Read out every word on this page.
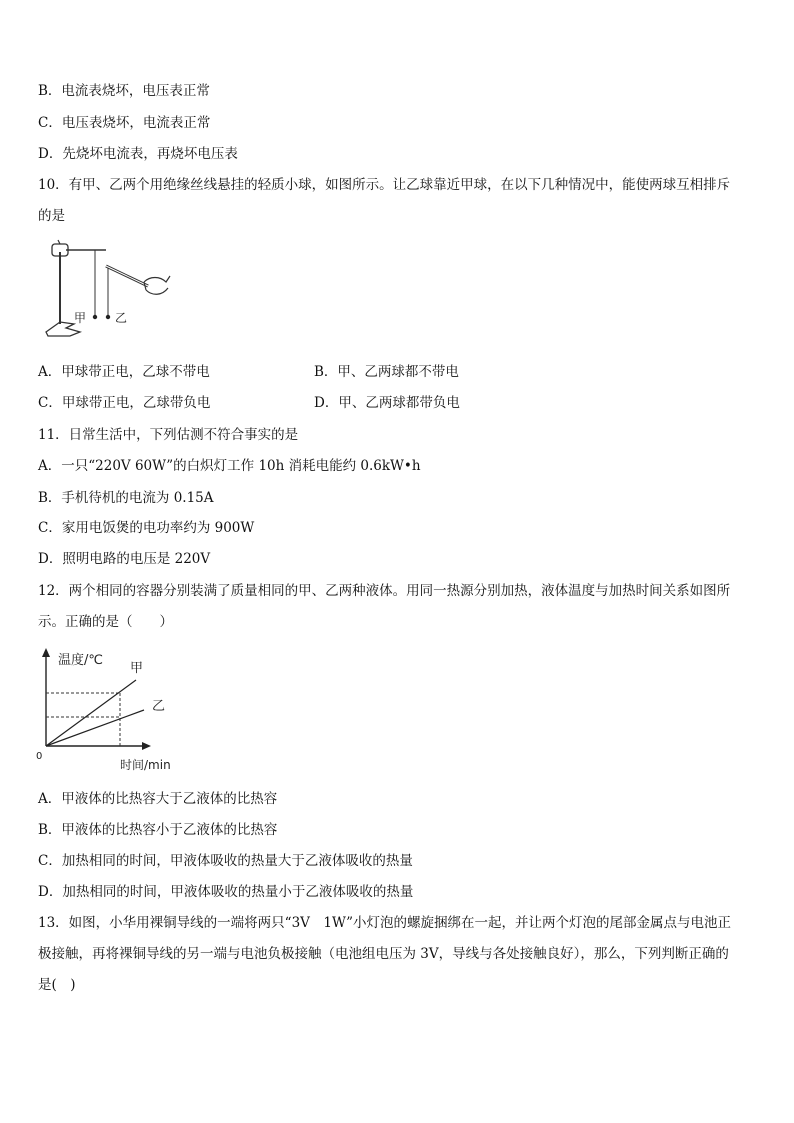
B．电流表烧坏，电压表正常
C．电压表烧坏，电流表正常
D．先烧坏电流表，再烧坏电压表
10．有甲、乙两个用绝缘丝线悬挂的轻质小球，如图所示。让乙球靠近甲球，在以下几种情况中，能使两球互相排斥
的是
甲 乙
A．甲球带正电，乙球不带电	B．甲、乙两球都不带电
C．甲球带正电，乙球带负电	D．甲、乙两球都带负电
11．日常生活中，下列估测不符合事实的是
A．一只“220V 60W”的白炽灯工作 10h 消耗电能约 0.6kW•h
B．手机待机的电流为 0.15A
C．家用电饭煲的电功率约为 900W
D．照明电路的电压是 220V
12．两个相同的容器分别装满了质量相同的甲、乙两种液体。用同一热源分别加热，液体温度与加热时间关系如图所
示。正确的是（　　）
温度/℃
甲
乙
0
时间/min
A．甲液体的比热容大于乙液体的比热容
B．甲液体的比热容小于乙液体的比热容
C．加热相同的时间，甲液体吸收的热量大于乙液体吸收的热量
D．加热相同的时间，甲液体吸收的热量小于乙液体吸收的热量
13．如图，小华用裸铜导线的一端将两只“3V　1W”小灯泡的螺旋捆绑在一起，并让两个灯泡的尾部金属点与电池正
极接触，再将裸铜导线的另一端与电池负极接触（电池组电压为 3V，导线与各处接触良好），那么，下列判断正确的
是(　)
